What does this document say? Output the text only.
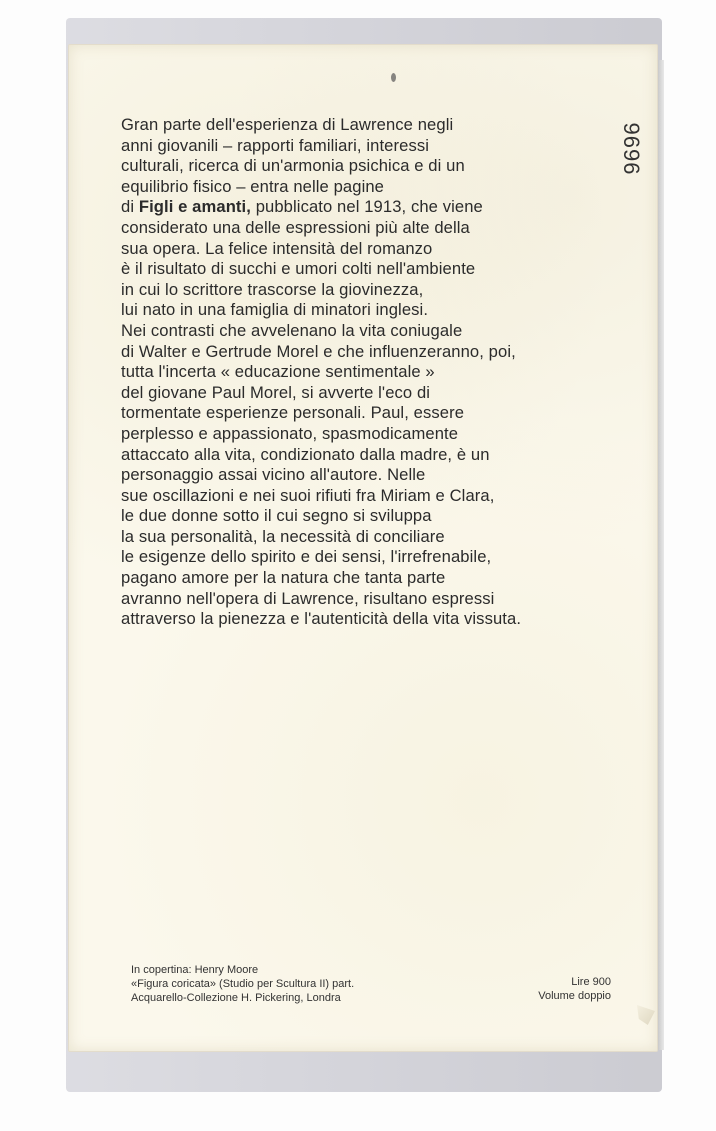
9696
Gran parte dell'esperienza di Lawrence negli
anni giovanili – rapporti familiari, interessi
culturali, ricerca di un'armonia psichica e di un
equilibrio fisico – entra nelle pagine
di Figli e amanti, pubblicato nel 1913, che viene
considerato una delle espressioni più alte della
sua opera. La felice intensità del romanzo
è il risultato di succhi e umori colti nell'ambiente
in cui lo scrittore trascorse la giovinezza,
lui nato in una famiglia di minatori inglesi.
Nei contrasti che avvelenano la vita coniugale
di Walter e Gertrude Morel e che influenzeranno, poi,
tutta l'incerta « educazione sentimentale »
del giovane Paul Morel, si avverte l'eco di
tormentate esperienze personali. Paul, essere
perplesso e appassionato, spasmodicamente
attaccato alla vita, condizionato dalla madre, è un
personaggio assai vicino all'autore. Nelle
sue oscillazioni e nei suoi rifiuti fra Miriam e Clara,
le due donne sotto il cui segno si sviluppa
la sua personalità, la necessità di conciliare
le esigenze dello spirito e dei sensi, l'irrefrenabile,
pagano amore per la natura che tanta parte
avranno nell'opera di Lawrence, risultano espressi
attraverso la pienezza e l'autenticità della vita vissuta.
In copertina: Henry Moore
«Figura coricata» (Studio per Scultura II) part.
Acquarello-Collezione H. Pickering, Londra
Lire 900
Volume doppio
